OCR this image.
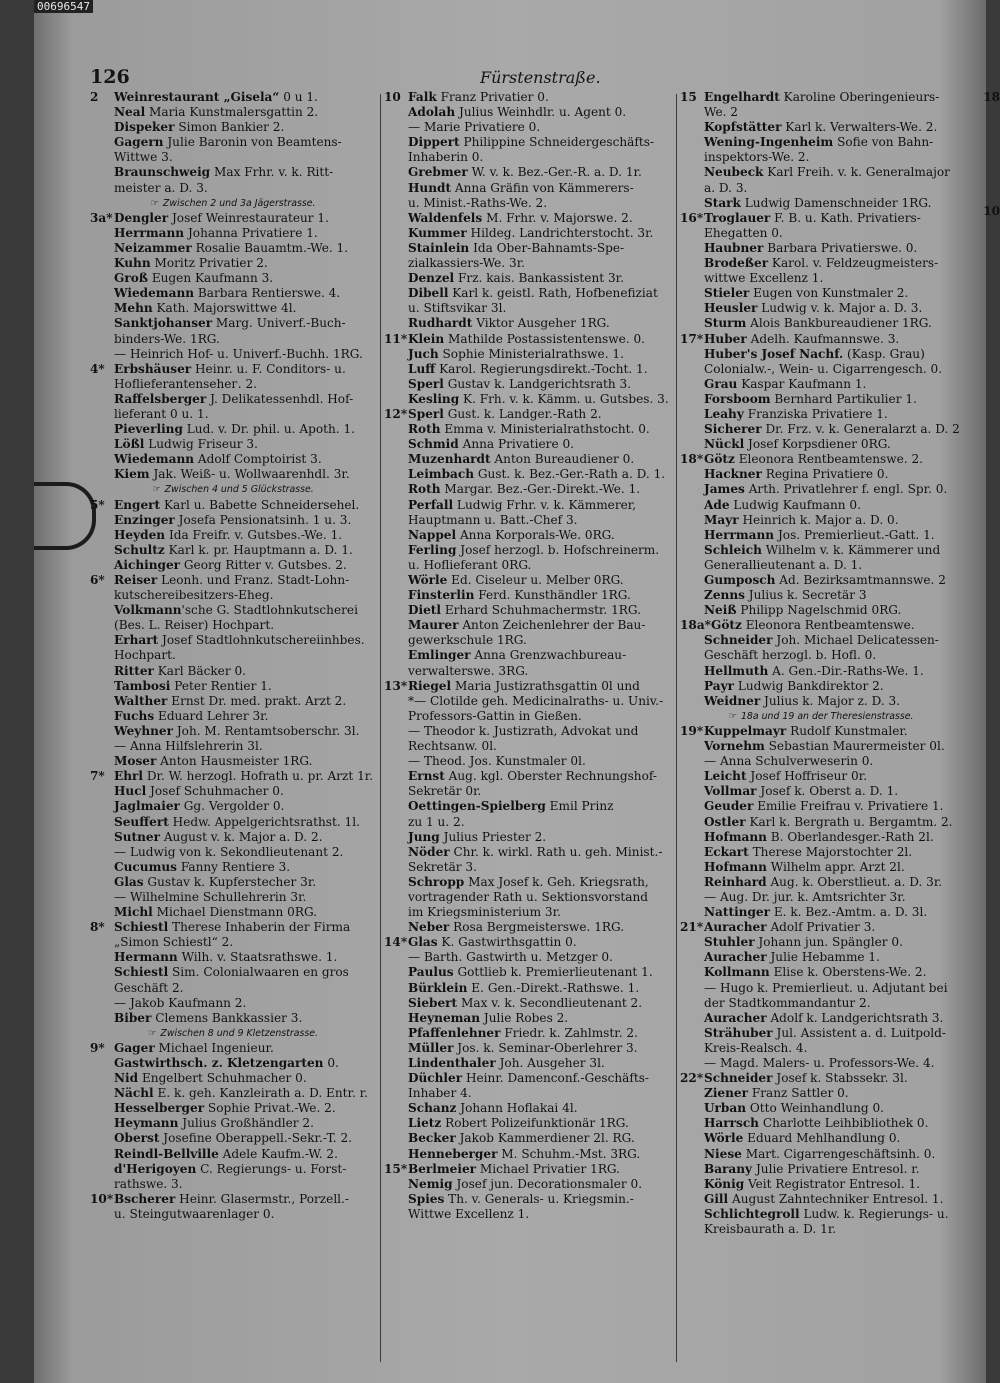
00696547
126	Fürstenstraße.
2 Weinrestaurant „Gisela“ 0 u 1.
Neal Maria Kunstmalersgattin 2.
Dispeker Simon Bankier 2.
Gagern Julie Baronin von Beamtens-
Wittwe 3.
Braunschweig Max Frhr. v. k. Ritt-
meister a. D. 3.
☞ Zwischen 2 und 3a Jägerstrasse.
3a*Dengler Josef Weinrestaurateur 1.
Herrmann Johanna Privatiere 1.
Neizammer Rosalie Bauamtm.-We. 1.
Kuhn Moritz Privatier 2.
Groß Eugen Kaufmann 3.
Wiedemann Barbara Rentierswe. 4.
Mehn Kath. Majorswittwe 4l.
Sanktjohanser Marg. Univerf.-Buch-
binders-We. 1RG.
— Heinrich Hof- u. Univerf.-Buchh. 1RG.
4* Erbshäuser Heinr. u. F. Conditors- u.
Hoflieferantensehег. 2.
Raffelsberger J. Delikatessenhdl. Hof-
lieferant 0 u. 1.
Pieverling Lud. v. Dr. phil. u. Apoth. 1.
Lößl Ludwig Friseur 3.
Wiedemann Adolf Comptoirist 3.
Kiem Jak. Weiß- u. Wollwaarenhdl. 3r.
☞ Zwischen 4 und 5 Glückstrasse.
5* Engert Karl u. Babette Schneidersehel.
Enzinger Josefa Pensionatsinh. 1 u. 3.
Heyden Ida Freifr. v. Gutsbes.-We. 1.
Schultz Karl k. pr. Hauptmann a. D. 1.
Aichinger Georg Ritter v. Gutsbes. 2.
6* Reiser Leonh. und Franz. Stadt-Lohn-
kutschereibesitzers-Eheg.
Volkmann'sche G. Stadtlohnkutscherei
(Bes. L. Reiser) Hochpart.
Erhart Josef Stadtlohnkutschereiinhbes.
Hochpart.
Ritter Karl Bäcker 0.
Tambosi Peter Rentier 1.
Walther Ernst Dr. med. prakt. Arzt 2.
Fuchs Eduard Lehrer 3r.
Weyhner Joh. M. Rentamtsoberschr. 3l.
— Anna Hilfslehrerin 3l.
Moser Anton Hausmeister 1RG.
7* Ehrl Dr. W. herzogl. Hofrath u. pr. Arzt 1r.
Hucl Josef Schuhmacher 0.
Jaglmaier Gg. Vergolder 0.
Seuffert Hedw. Appelgerichtsrathst. 1l.
Sutner August v. k. Major a. D. 2.
— Ludwig von k. Sekondlieutenant 2.
Cucumus Fanny Rentiere 3.
Glas Gustav k. Kupferstecher 3r.
— Wilhelmine Schullehrerin 3r.
Michl Michael Dienstmann 0RG.
8* Schiestl Therese Inhaberin der Firma
„Simon Schiestl“ 2.
Hermann Wilh. v. Staatsrathswe. 1.
Schiestl Sim. Colonialwaaren en gros
Geschäft 2.
— Jakob Kaufmann 2.
Biber Clemens Bankkassier 3.
☞ Zwischen 8 und 9 Kletzenstrasse.
9* Gager Michael Ingenieur.
Gastwirthsch. z. Kletzengarten 0.
Nid Engelbert Schuhmacher 0.
Nächl E. k. geh. Kanzleirath a. D. Entr. r.
Hesselberger Sophie Privat.-We. 2.
Heymann Julius Großhändler 2.
Oberst Josefine Oberappell.-Sekr.-T. 2.
Reindl-Bellville Adele Kaufm.-W. 2.
d'Herigoyen C. Regierungs- u. Forst-
rathswe. 3.
10*Bscherer Heinr. Glasermstr., Porzell.-
u. Steingutwaarenlager 0.
10 Falk Franz Privatier 0.
Adolah Julius Weinhdlr. u. Agent 0.
— Marie Privatiere 0.
Dippert Philippine Schneidergeschäfts-
Inhaberin 0.
Grebmer W. v. k. Bez.-Ger.-R. a. D. 1r.
Hundt Anna Gräfin von Kämmerers-
u. Minist.-Raths-We. 2.
Waldenfels M. Frhr. v. Majorswe. 2.
Kummer Hildeg. Landrichterstocht. 3r.
Stainlein Ida Ober-Bahnamts-Spe-
zialkassiers-We. 3r.
Denzel Frz. kais. Bankassistent 3r.
Dibell Karl k. geistl. Rath, Hofbenefiziat
u. Stiftsvikar 3l.
Rudhardt Viktor Ausgeher 1RG.
11*Klein Mathilde Postassistentenswe. 0.
Juch Sophie Ministerialrathswe. 1.
Luff Karol. Regierungsdirekt.-Tocht. 1.
Sperl Gustav k. Landgerichtsrath 3.
Kesling K. Frh. v. k. Kämm. u. Gutsbes. 3.
12*Sperl Gust. k. Landger.-Rath 2.
Roth Emma v. Ministerialrathstocht. 0.
Schmid Anna Privatiere 0.
Muzenhardt Anton Bureaudiener 0.
Leimbach Gust. k. Bez.-Ger.-Rath a. D. 1.
Roth Margar. Bez.-Ger.-Direkt.-We. 1.
Perfall Ludwig Frhr. v. k. Kämmerer,
Hauptmann u. Batt.-Chef 3.
Nappel Anna Korporals-We. 0RG.
Ferling Josef herzogl. b. Hofschreinerm.
u. Hoflieferant 0RG.
Wörle Ed. Ciseleur u. Melber 0RG.
Finsterlin Ferd. Kunsthändler 1RG.
Dietl Erhard Schuhmachermstr. 1RG.
Maurer Anton Zeichenlehrer der Bau-
gewerkschule 1RG.
Emlinger Anna Grenzwachbureau-
verwalterswe. 3RG.
13*Riegel Maria Justizrathsgattin 0l und
*— Clotilde geh. Medicinalraths- u. Univ.-
Professors-Gattin in Gießen.
— Theodor k. Justizrath, Advokat und
Rechtsanw. 0l.
— Theod. Jos. Kunstmaler 0l.
Ernst Aug. kgl. Oberster Rechnungshof-
Sekretär 0r.
Oettingen-Spielberg Emil Prinz
zu 1 u. 2.
Jung Julius Priester 2.
Nöder Chr. k. wirkl. Rath u. geh. Minist.-
Sekretär 3.
Schropp Max Josef k. Geh. Kriegsrath,
vortragender Rath u. Sektionsvorstand
im Kriegsministerium 3r.
Neber Rosa Bergmeisterswe. 1RG.
14*Glas K. Gastwirthsgattin 0.
— Barth. Gastwirth u. Metzger 0.
Paulus Gottlieb k. Premierlieutenant 1.
Bürklein E. Gen.-Direkt.-Rathswe. 1.
Siebert Max v. k. Secondlieutenant 2.
Heyneman Julie Robes 2.
Pfaffenlehner Friedr. k. Zahlmstr. 2.
Müller Jos. k. Seminar-Oberlehrer 3.
Lindenthaler Joh. Ausgeher 3l.
Düchler Heinr. Damenconf.-Geschäfts-
Inhaber 4.
Schanz Johann Hoflakai 4l.
Lietz Robert Polizeifunktionär 1RG.
Becker Jakob Kammerdiener 2l. RG.
Henneberger M. Schuhm.-Mst. 3RG.
15*Berlmeier Michael Privatier 1RG.
Nemig Josef jun. Decorationsmaler 0.
Spies Th. v. Generals- u. Kriegsmin.-
Wittwe Excellenz 1.
15 Engelhardt Karoline Oberingenieurs-
We. 2
Kopfstätter Karl k. Verwalters-We. 2.
Wening-Ingenheim Sofie von Bahn-
inspektors-We. 2.
Neubeck Karl Freih. v. k. Generalmajor
a. D. 3.
Stark Ludwig Damenschneider 1RG.
16*Troglauer F. B. u. Kath. Privatiers-
Ehegatten 0.
Haubner Barbara Privatierswe. 0.
Brodeßer Karol. v. Feldzeugmeisters-
wittwe Excellenz 1.
Stieler Eugen von Kunstmaler 2.
Heusler Ludwig v. k. Major a. D. 3.
Sturm Alois Bankbureaudiener 1RG.
17*Huber Adelh. Kaufmannswe. 3.
Huber's Josef Nachf. (Kasp. Grau)
Colonialw.-, Wein- u. Cigarrengesch. 0.
Grau Kaspar Kaufmann 1.
Forsboom Bernhard Partikulier 1.
Leahy Franziska Privatiere 1.
Sicherer Dr. Frz. v. k. Generalarzt a. D. 2
Nückl Josef Korpsdiener 0RG.
18*Götz Eleonora Rentbeamtenswe. 2.
Hackner Regina Privatiere 0.
James Arth. Privatlehrer f. engl. Spr. 0.
Ade Ludwig Kaufmann 0.
Mayr Heinrich k. Major a. D. 0.
Herrmann Jos. Premierlieut.-Gatt. 1.
Schleich Wilhelm v. k. Kämmerer und
Generallieutenant a. D. 1.
Gumposch Ad. Bezirksamtmannswe. 2
Zenns Julius k. Secretär 3
Neiß Philipp Nagelschmid 0RG.
18a*Götz Eleonora Rentbeamtenswe.
Schneider Joh. Michael Delicatessen-
Geschäft herzogl. b. Hofl. 0.
Hellmuth A. Gen.-Dir.-Raths-We. 1.
Payr Ludwig Bankdirektor 2.
Weidner Julius k. Major z. D. 3.
☞ 18a und 19 an der Theresienstrasse.
19*Kuppelmayr Rudolf Kunstmaler.
Vornehm Sebastian Maurermeister 0l.
— Anna Schulverweserin 0.
Leicht Josef Hoffriseur 0r.
Vollmar Josef k. Oberst a. D. 1.
Geuder Emilie Freifrau v. Privatiere 1.
Ostler Karl k. Bergrath u. Bergamtm. 2.
Hofmann B. Oberlandesger.-Rath 2l.
Eckart Therese Majorstochter 2l.
Hofmann Wilhelm appr. Arzt 2l.
Reinhard Aug. k. Oberstlieut. a. D. 3r.
— Aug. Dr. jur. k. Amtsrichter 3r.
Nattinger E. k. Bez.-Amtm. a. D. 3l.
21*Auracher Adolf Privatier 3.
Stuhler Johann jun. Spängler 0.
Auracher Julie Hebamme 1.
Kollmann Elise k. Oberstens-We. 2.
— Hugo k. Premierlieut. u. Adjutant bei
der Stadtkommandantur 2.
Auracher Adolf k. Landgerichtsrath 3.
Strähuber Jul. Assistent a. d. Luitpold-
Kreis-Realsch. 4.
— Magd. Malers- u. Professors-We. 4.
22*Schneider Josef k. Stabssekr. 3l.
Ziener Franz Sattler 0.
Urban Otto Weinhandlung 0.
Harrsch Charlotte Leihbibliothek 0.
Wörle Eduard Mehlhandlung 0.
Niese Mart. Cigarrengeschäftsinh. 0.
Barany Julie Privatiere Entresol. r.
König Veit Registrator Entresol. 1.
Gill August Zahntechniker Entresol. 1.
Schlichtegroll Ludw. k. Regierungs- u.
Kreisbaurath a. D. 1r.
18
10
